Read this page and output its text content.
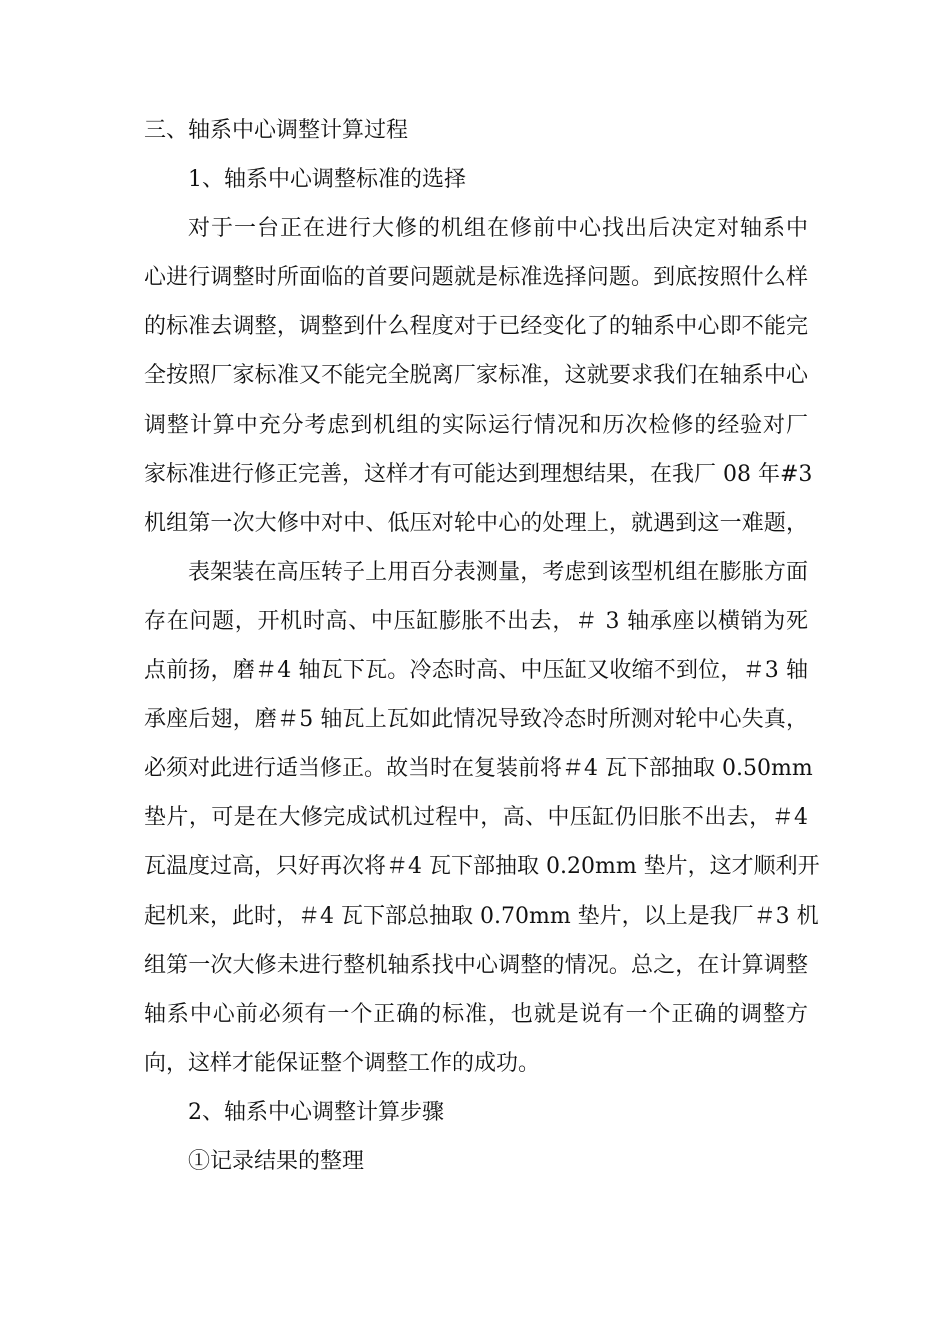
三、轴系中心调整计算过程
1、轴系中心调整标准的选择
对于一台正在进行大修的机组在修前中心找出后决定对轴系中
心进行调整时所面临的首要问题就是标准选择问题。到底按照什么样
的标准去调整，调整到什么程度对于已经变化了的轴系中心即不能完
全按照厂家标准又不能完全脱离厂家标准，这就要求我们在轴系中心
调整计算中充分考虑到机组的实际运行情况和历次检修的经验对厂
家标准进行修正完善，这样才有可能达到理想结果，在我厂 08 年#3
机组第一次大修中对中、低压对轮中心的处理上，就遇到这一难题，
表架装在高压转子上用百分表测量，考虑到该型机组在膨胀方面
存在问题，开机时高、中压缸膨胀不出去，＃ 3 轴承座以横销为死
点前扬，磨＃4 轴瓦下瓦。冷态时高、中压缸又收缩不到位，＃3 轴
承座后翅，磨＃5 轴瓦上瓦如此情况导致冷态时所测对轮中心失真，
必须对此进行适当修正。故当时在复装前将＃4 瓦下部抽取 0.50mm
垫片，可是在大修完成试机过程中，高、中压缸仍旧胀不出去，＃4
瓦温度过高，只好再次将＃4 瓦下部抽取 0.20mm 垫片，这才顺利开
起机来，此时，＃4 瓦下部总抽取 0.70mm 垫片，以上是我厂＃3 机
组第一次大修未进行整机轴系找中心调整的情况。总之，在计算调整
轴系中心前必须有一个正确的标准，也就是说有一个正确的调整方
向，这样才能保证整个调整工作的成功。
2、轴系中心调整计算步骤
①记录结果的整理
